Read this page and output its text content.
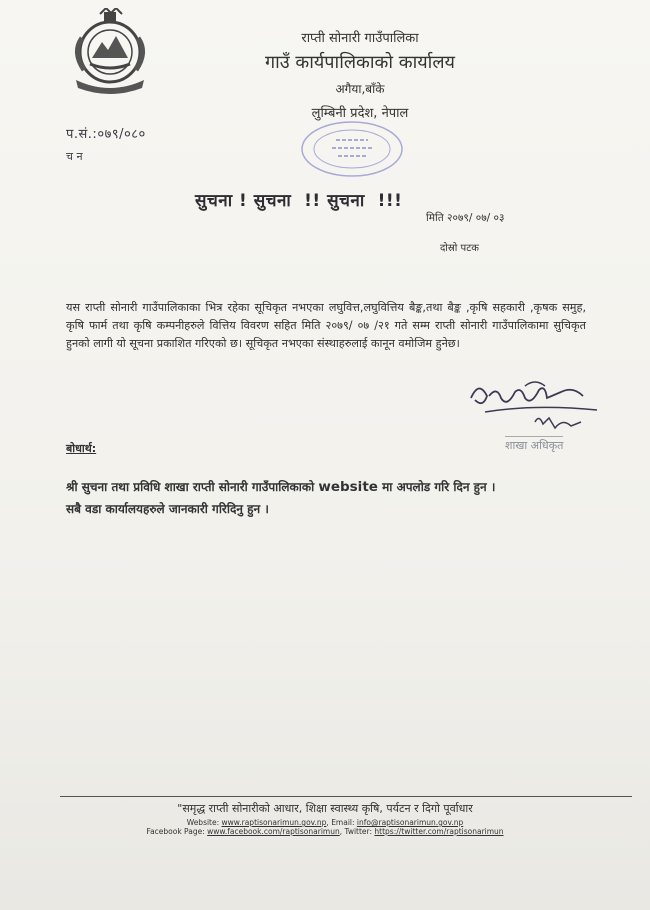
राप्ती सोनारी गाउँपालिका
गाउँ कार्यपालिकाको कार्यालय
अगैया,बाँके
लुम्बिनी प्रदेश, नेपाल
प.सं.:०७९/०८०
च न
सुचना ! सुचना  !! सुचना  !!!
मिति २०७९/ ०७/ ०३
दोस्रो पटक
यस राप्ती सोनारी गाउँपालिकाका भित्र रहेका सूचिकृत नभएका लघुवित्त,लघुवित्तिय बैङ्क,तथा बैङ्क ,कृषि सहकारी ,कृषक समुह, कृषि फार्म तथा कृषि कम्पनीहरुले वित्तिय विवरण सहित मिति २०७९/ ०७ /२१ गते सम्म राप्ती सोनारी गाउँपालिकामा सुचिकृत हुनको लागी यो सूचना प्रकाशित गरिएको छ। सूचिकृत नभएका संस्थाहरुलाई कानून वमोजिम हुनेछ।
शाखा अधिकृत
बोधार्थ:
श्री सुचना तथा प्रविधि शाखा राप्ती सोनारी गाउँपालिकाको website मा अपलोड गरि दिन हुन ।
सबै वडा कार्यालयहरुले जानकारी गरिदिनु हुन ।
"समृद्ध राप्ती सोनारीको आधार, शिक्षा स्वास्थ्य कृषि, पर्यटन र दिगो पूर्वाधार
Website: www.raptisonarimun.gov.np, Email: info@raptisonarimun.gov.np
Facebook Page: www.facebook.com/raptisonarimun, Twitter: https://twitter.com/raptisonarimun
